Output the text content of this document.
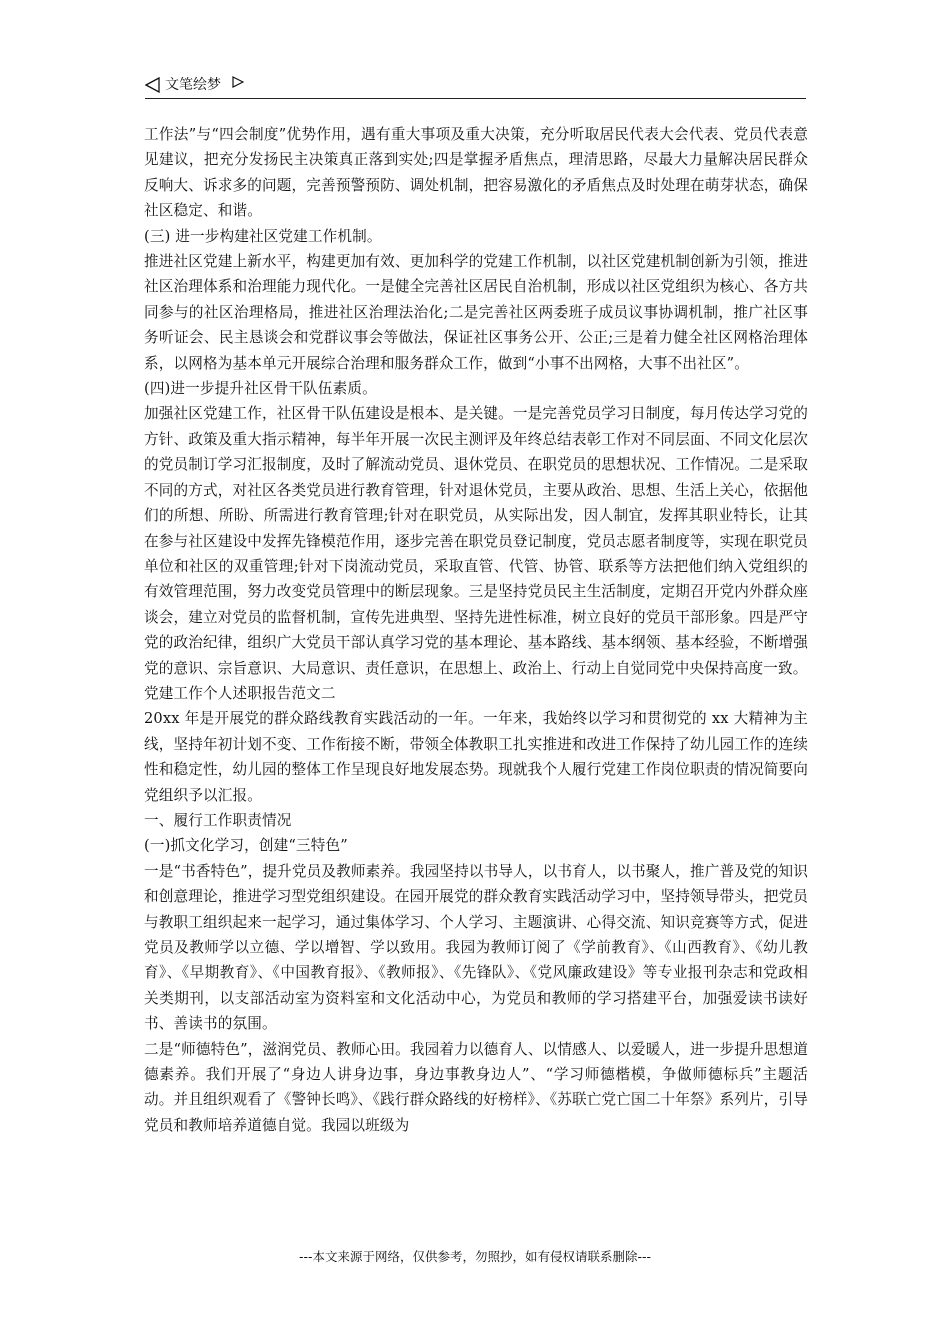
文笔绘梦

工作法”与“四会制度”优势作用，遇有重大事项及重大决策，充分听取居民代表大会代表、党员代表意见建议，把充分发扬民主决策真正落到实处;四是掌握矛盾焦点，理清思路，尽最大力量解决居民群众反响大、诉求多的问题，完善预警预防、调处机制，把容易激化的矛盾焦点及时处理在萌芽状态，确保社区稳定、和谐。

(三) 进一步构建社区党建工作机制。

推进社区党建上新水平，构建更加有效、更加科学的党建工作机制，以社区党建机制创新为引领，推进社区治理体系和治理能力现代化。一是健全完善社区居民自治机制，形成以社区党组织为核心、各方共同参与的社区治理格局，推进社区治理法治化;二是完善社区两委班子成员议事协调机制，推广社区事务听证会、民主恳谈会和党群议事会等做法，保证社区事务公开、公正;三是着力健全社区网格治理体系，以网格为基本单元开展综合治理和服务群众工作，做到“小事不出网格，大事不出社区”。

(四)进一步提升社区骨干队伍素质。

加强社区党建工作，社区骨干队伍建设是根本、是关键。一是完善党员学习日制度，每月传达学习党的方针、政策及重大指示精神，每半年开展一次民主测评及年终总结表彰工作对不同层面、不同文化层次的党员制订学习汇报制度，及时了解流动党员、退休党员、在职党员的思想状况、工作情况。二是采取不同的方式，对社区各类党员进行教育管理，针对退休党员，主要从政治、思想、生活上关心，依据他们的所想、所盼、所需进行教育管理;针对在职党员，从实际出发，因人制宜，发挥其职业特长，让其在参与社区建设中发挥先锋模范作用，逐步完善在职党员登记制度，党员志愿者制度等，实现在职党员单位和社区的双重管理;针对下岗流动党员，采取直管、代管、协管、联系等方法把他们纳入党组织的有效管理范围，努力改变党员管理中的断层现象。三是坚持党员民主生活制度，定期召开党内外群众座谈会，建立对党员的监督机制，宣传先进典型、坚持先进性标准，树立良好的党员干部形象。四是严守党的政治纪律，组织广大党员干部认真学习党的基本理论、基本路线、基本纲领、基本经验，不断增强党的意识、宗旨意识、大局意识、责任意识，在思想上、政治上、行动上自觉同党中央保持高度一致。

党建工作个人述职报告范文二

20xx 年是开展党的群众路线教育实践活动的一年。一年来，我始终以学习和贯彻党的 xx 大精神为主线，坚持年初计划不变、工作衔接不断，带领全体教职工扎实推进和改进工作保持了幼儿园工作的连续性和稳定性，幼儿园的整体工作呈现良好地发展态势。现就我个人履行党建工作岗位职责的情况简要向党组织予以汇报。

一、履行工作职责情况

(一)抓文化学习，创建“三特色”

一是“书香特色”，提升党员及教师素养。我园坚持以书导人，以书育人，以书聚人，推广普及党的知识和创意理论，推进学习型党组织建设。在园开展党的群众教育实践活动学习中，坚持领导带头，把党员与教职工组织起来一起学习，通过集体学习、个人学习、主题演讲、心得交流、知识竞赛等方式，促进党员及教师学以立德、学以增智、学以致用。我园为教师订阅了《学前教育》、《山西教育》、《幼儿教育》、《早期教育》、《中国教育报》、《教师报》、《先锋队》、《党风廉政建设》等专业报刊杂志和党政相关类期刊，以支部活动室为资料室和文化活动中心，为党员和教师的学习搭建平台，加强爱读书读好书、善读书的氛围。

二是“师德特色”，滋润党员、教师心田。我园着力以德育人、以情感人、以爱暖人，进一步提升思想道德素养。我们开展了“身边人讲身边事，身边事教身边人”、“学习师德楷模，争做师德标兵”主题活动。并且组织观看了《警钟长鸣》、《践行群众路线的好榜样》、《苏联亡党亡国二十年祭》系列片，引导党员和教师培养道德自觉。我园以班级为

---本文来源于网络，仅供参考，勿照抄，如有侵权请联系删除---
